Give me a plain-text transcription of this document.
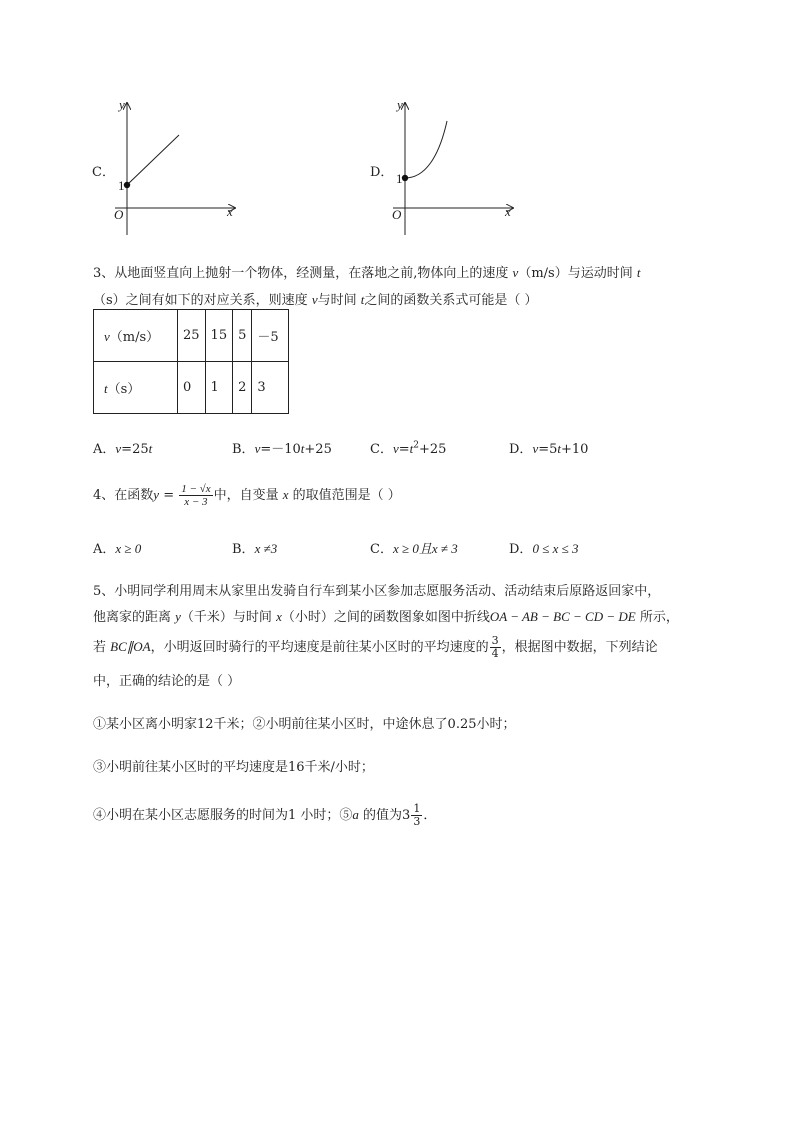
C．
y
x
O
1
D．
y
x
O
1
3、从地面竖直向上抛射一个物体，经测量，在落地之前,物体向上的速度 v（m/s）与运动时间 t
（s）之间有如下的对应关系，则速度 v与时间 t之间的函数关系式可能是（ ）
v（m/s）	25	15	5	－5
t（s）	0	1	2	3
A．v=25t	B．v=－10t+25	C．$v=t^2+25$	D．v=5t+10
4、在函数$y = \frac{1 - √x}{x - 3}$ 中，自变量 x 的取值范围是（ ）
A．x ≥ 0	B．x ≠3	C．x ≥ 0且x ≠ 3	D．0 ≤ x ≤ 3
5、小明同学利用周末从家里出发骑自行车到某小区参加志愿服务活动、活动结束后原路返回家中，
他离家的距离 y（千米）与时间 x（小时）之间的函数图象如图中折线OA − AB − BC − CD − DE 所示，
若 BC∥OA，小明返回时骑行的平均速度是前往某小区时的平均速度的 $\frac{3}{4}$ ，根据图中数据，下列结论
中，正确的结论的是（ ）
①某小区离小明家12千米；②小明前往某小区时，中途休息了0.25小时；
③小明前往某小区时的平均速度是16千米/小时；
④小明在某小区志愿服务的时间为1 小时；⑤a 的值为$3 \frac{1}{3}$ ．
